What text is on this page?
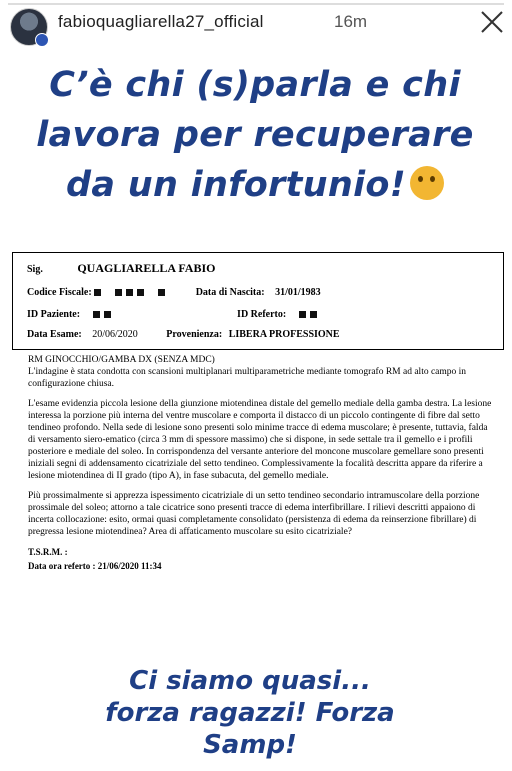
fabioquagliarella27_official	16m
C’è chi (s)parla e chi lavora per recuperare da un infortunio!
Sig.	QUAGLIARELLA FABIO
Codice Fiscale:	Data di Nascita: 31/01/1983
ID Paziente:	ID Referto:
Data Esame: 20/06/2020	Provenienza: LIBERA PROFESSIONE

RM GINOCCHIO/GAMBA DX (SENZA MDC)

L'indagine è stata condotta con scansioni multiplanari multiparametriche mediante tomografo RM ad alto campo in configurazione chiusa.

L'esame evidenzia piccola lesione della giunzione miotendinea distale del gemello mediale della gamba destra. La lesione interessa la porzione più interna del ventre muscolare e comporta il distacco di un piccolo contingente di fibre dal setto tendineo profondo. Nella sede di lesione sono presenti solo minime tracce di edema muscolare; è presente, tuttavia, falda di versamento siero-ematico (circa 3 mm di spessore massimo) che si dispone, in sede settale tra il gemello e i profili posteriore e mediale del soleo. In corrispondenza del versante anteriore del moncone muscolare gemellare sono presenti iniziali segni di addensamento cicatriziale del setto tendineo. Complessivamente la focalità descritta appare da riferire a lesione miotendinea di II grado (tipo A), in fase subacuta, del gemello mediale.

Più prossimalmente si apprezza ispessimento cicatriziale di un setto tendineo secondario intramuscolare della porzione prossimale del soleo; attorno a tale cicatrice sono presenti tracce di edema interfibrillare. I rilievi descritti appaiono di incerta collocazione: esito, ormai quasi completamente consolidato (persistenza di edema da reinserzione fibrillare) di pregressa lesione miotendinea? Area di affaticamento muscolare su esito cicatriziale?

T.S.R.M. :

Data ora referto : 21/06/2020 11:34

Ci siamo quasi...
forza ragazzi! Forza
Samp!
